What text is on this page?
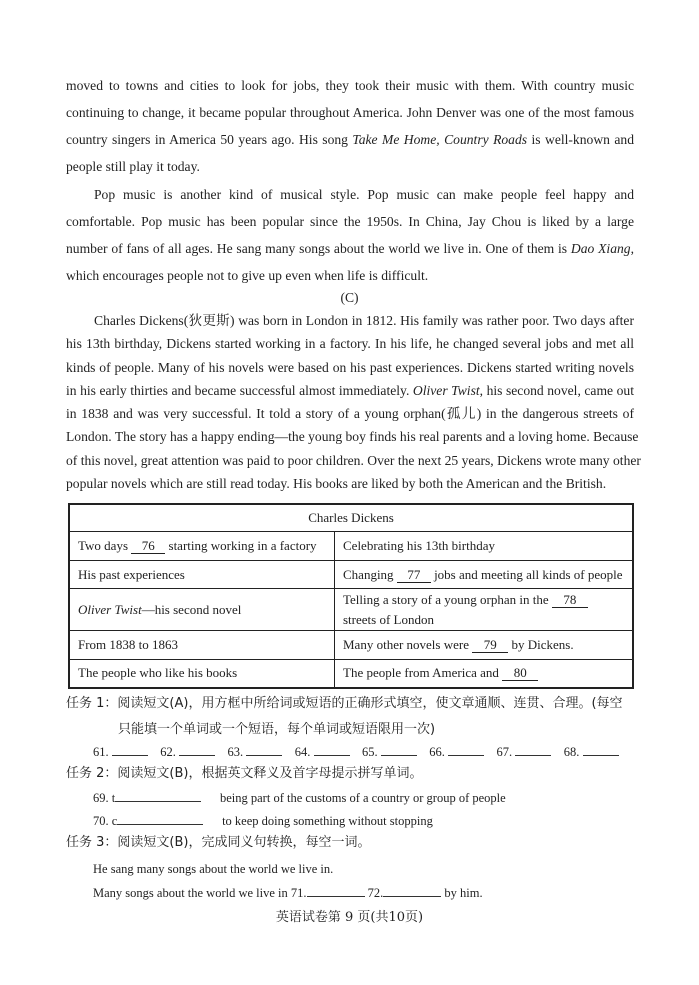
moved to towns and cities to look for jobs, they took their music with them. With country music
continuing to change, it became popular throughout America. John Denver was one of the most famous
country singers in America 50 years ago. His song Take Me Home, Country Roads is well-known and
people still play it today.
Pop music is another kind of musical style. Pop music can make people feel happy and
comfortable. Pop music has been popular since the 1950s. In China, Jay Chou is liked by a large
number of fans of all ages. He sang many songs about the world we live in. One of them is Dao Xiang,
which encourages people not to give up even when life is difficult.
(C)
Charles Dickens(狄更斯) was born in London in 1812. His family was rather poor. Two days after
his 13th birthday, Dickens started working in a factory. In his life, he changed several jobs and met all
kinds of people. Many of his novels were based on his past experiences. Dickens started writing novels
in his early thirties and became successful almost immediately. Oliver Twist, his second novel, came out
in 1838 and was very successful. It told a story of a young orphan(孤儿) in the dangerous streets of
London. The story has a happy ending—the young boy finds his real parents and a loving home. Because
of this novel, great attention was paid to poor children. Over the next 25 years, Dickens wrote many other
popular novels which are still read today. His books are liked by both the American and the British.
Charles Dickens	
Two days 76 starting working in a factory	Celebrating his 13th birthday
His past experiences	Changing 77 jobs and meeting all kinds of people
Oliver Twist—his second novel	Telling a story of a young orphan in the 78
streets of London
From 1838 to 1863	Many other novels were 79 by Dickens.
The people who like his books	The people from America and 80
任务 1：阅读短文(A)，用方框中所给词或短语的正确形式填空，使文章通顺、连贯、合理。(每空
只能填一个单词或一个短语，每个单词或短语限用一次)
61.	62.	63.	64.	65.	66.	67.	68.
任务 2：阅读短文(B)，根据英文释义及首字母提示拼写单词。
69. t	being part of the customs of a country or group of people
70. c	to keep doing something without stopping
任务 3：阅读短文(B)，完成同义句转换，每空一词。
He sang many songs about the world we live in.
Many songs about the world we live in 71.	72.	by him.
英语试卷第 9 页(共10页)
